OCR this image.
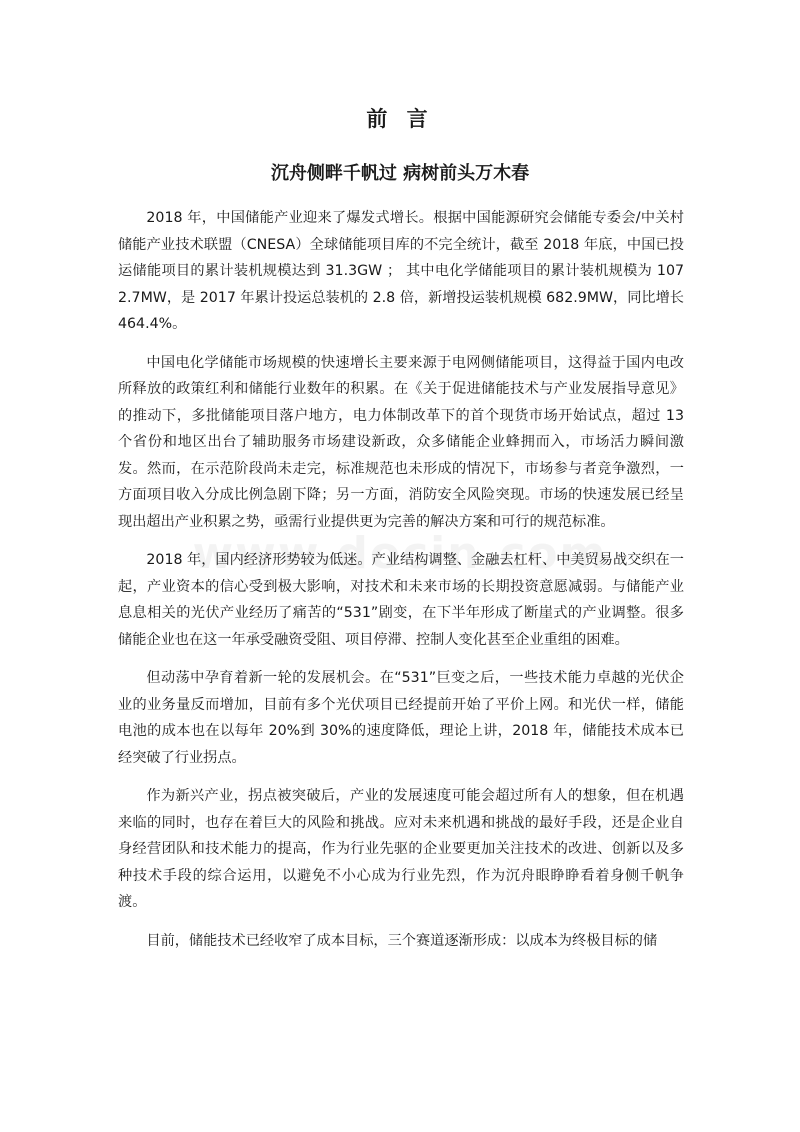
前 言
沉舟侧畔千帆过 病树前头万木春

2018 年，中国储能产业迎来了爆发式增长。根据中国能源研究会储能专委会/中关村储能产业技术联盟（CNESA）全球储能项目库的不完全统计，截至 2018 年底，中国已投运储能项目的累计装机规模达到 31.3GW ； 其中电化学储能项目的累计装机规模为 1072.7MW，是 2017 年累计投运总装机的 2.8 倍，新增投运装机规模 682.9MW，同比增长464.4%。

中国电化学储能市场规模的快速增长主要来源于电网侧储能项目，这得益于国内电改所释放的政策红利和储能行业数年的积累。在《关于促进储能技术与产业发展指导意见》的推动下，多批储能项目落户地方，电力体制改革下的首个现货市场开始试点，超过 13 个省份和地区出台了辅助服务市场建设新政，众多储能企业蜂拥而入，市场活力瞬间激发。然而，在示范阶段尚未走完，标准规范也未形成的情况下，市场参与者竞争激烈，一方面项目收入分成比例急剧下降；另一方面，消防安全风险突现。市场的快速发展已经呈现出超出产业积累之势，亟需行业提供更为完善的解决方案和可行的规范标准。

2018 年，国内经济形势较为低迷。产业结构调整、金融去杠杆、中美贸易战交织在一起，产业资本的信心受到极大影响，对技术和未来市场的长期投资意愿减弱。与储能产业息息相关的光伏产业经历了痛苦的“531”剧变，在下半年形成了断崖式的产业调整。很多储能企业也在这一年承受融资受阻、项目停滞、控制人变化甚至企业重组的困难。

但动荡中孕育着新一轮的发展机会。在“531”巨变之后，一些技术能力卓越的光伏企业的业务量反而增加，目前有多个光伏项目已经提前开始了平价上网。和光伏一样，储能电池的成本也在以每年 20%到 30%的速度降低，理论上讲，2018 年，储能技术成本已经突破了行业拐点。

作为新兴产业，拐点被突破后，产业的发展速度可能会超过所有人的想象，但在机遇来临的同时，也存在着巨大的风险和挑战。应对未来机遇和挑战的最好手段，还是企业自身经营团队和技术能力的提高，作为行业先驱的企业要更加关注技术的改进、创新以及多种技术手段的综合运用，以避免不小心成为行业先烈，作为沉舟眼睁睁看着身侧千帆争渡。

目前，储能技术已经收窄了成本目标，三个赛道逐渐形成：以成本为终极目标的储
